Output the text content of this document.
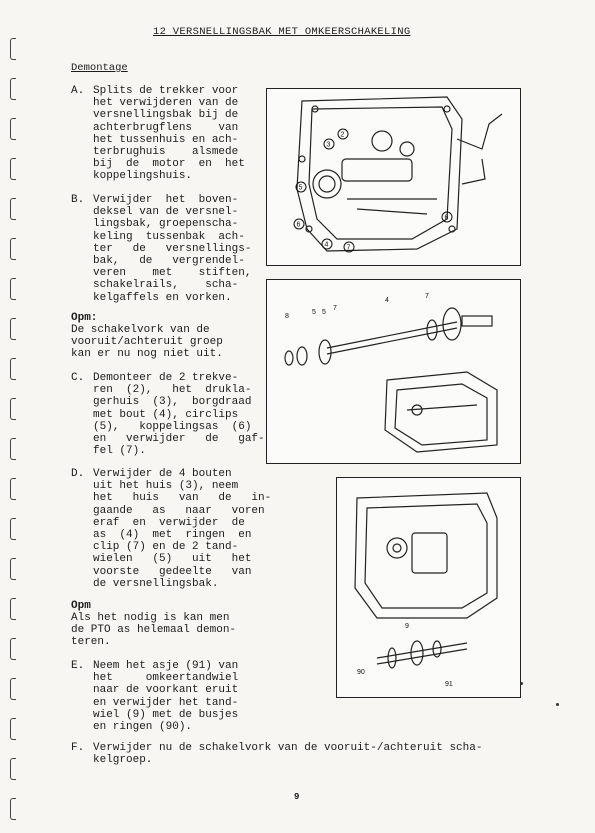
12 VERSNELLINGSBAK MET OMKEERSCHAKELING
Demontage
A. Splits de trekker voor
het verwijderen van de
versnellingsbak bij de
achterbrugflens    van
het tussenhuis en ach-
terbrughuis    alsmede
bij  de  motor  en  het
koppelingshuis.
B. Verwijder  het  boven-
deksel van de versnel-
lingsbak, groepenscha-
keling  tussenbak  ach-
ter   de   versnellings-
bak,   de   vergrendel-
veren    met    stiften,
schakelrails,    scha-
kelgaffels en vorken.
Opm:
De schakelvork van de
vooruit/achteruit groep
kan er nu nog niet uit.
C. Demonteer de 2 trekve-
ren  (2),   het  druklа-
gerhuis  (3),  borgdraad
met bout (4), circlips
(5),   koppelingsas  (6)
en   verwijder   de   gaf-
fel (7).
D. Verwijder de 4 bouten
uit het huis (3), neem
het   huis   van   de   in-
gaande   as   naar   voren
eraf  en  verwijder  de
as  (4)  met  ringen  en
clip (7) en de 2 tand-
wielen   (5)   uit   het
voorste   gedeelte   van
de versnellingsbak.
Opm
Als het nodig is kan men
de PTO as helemaal demon-
teren.
E. Neem het asje (91) van
het     omkeertandwiel
naar de voorkant eruit
en verwijder het tand-
wiel (9) met de busjes
en ringen (90).
F. Verwijder nu de schakelvork van de vooruit-/achteruit scha-
kelgroep.
2
3
5
6
4	7
6
4
7
8
5 5
7
9
90
91
9
